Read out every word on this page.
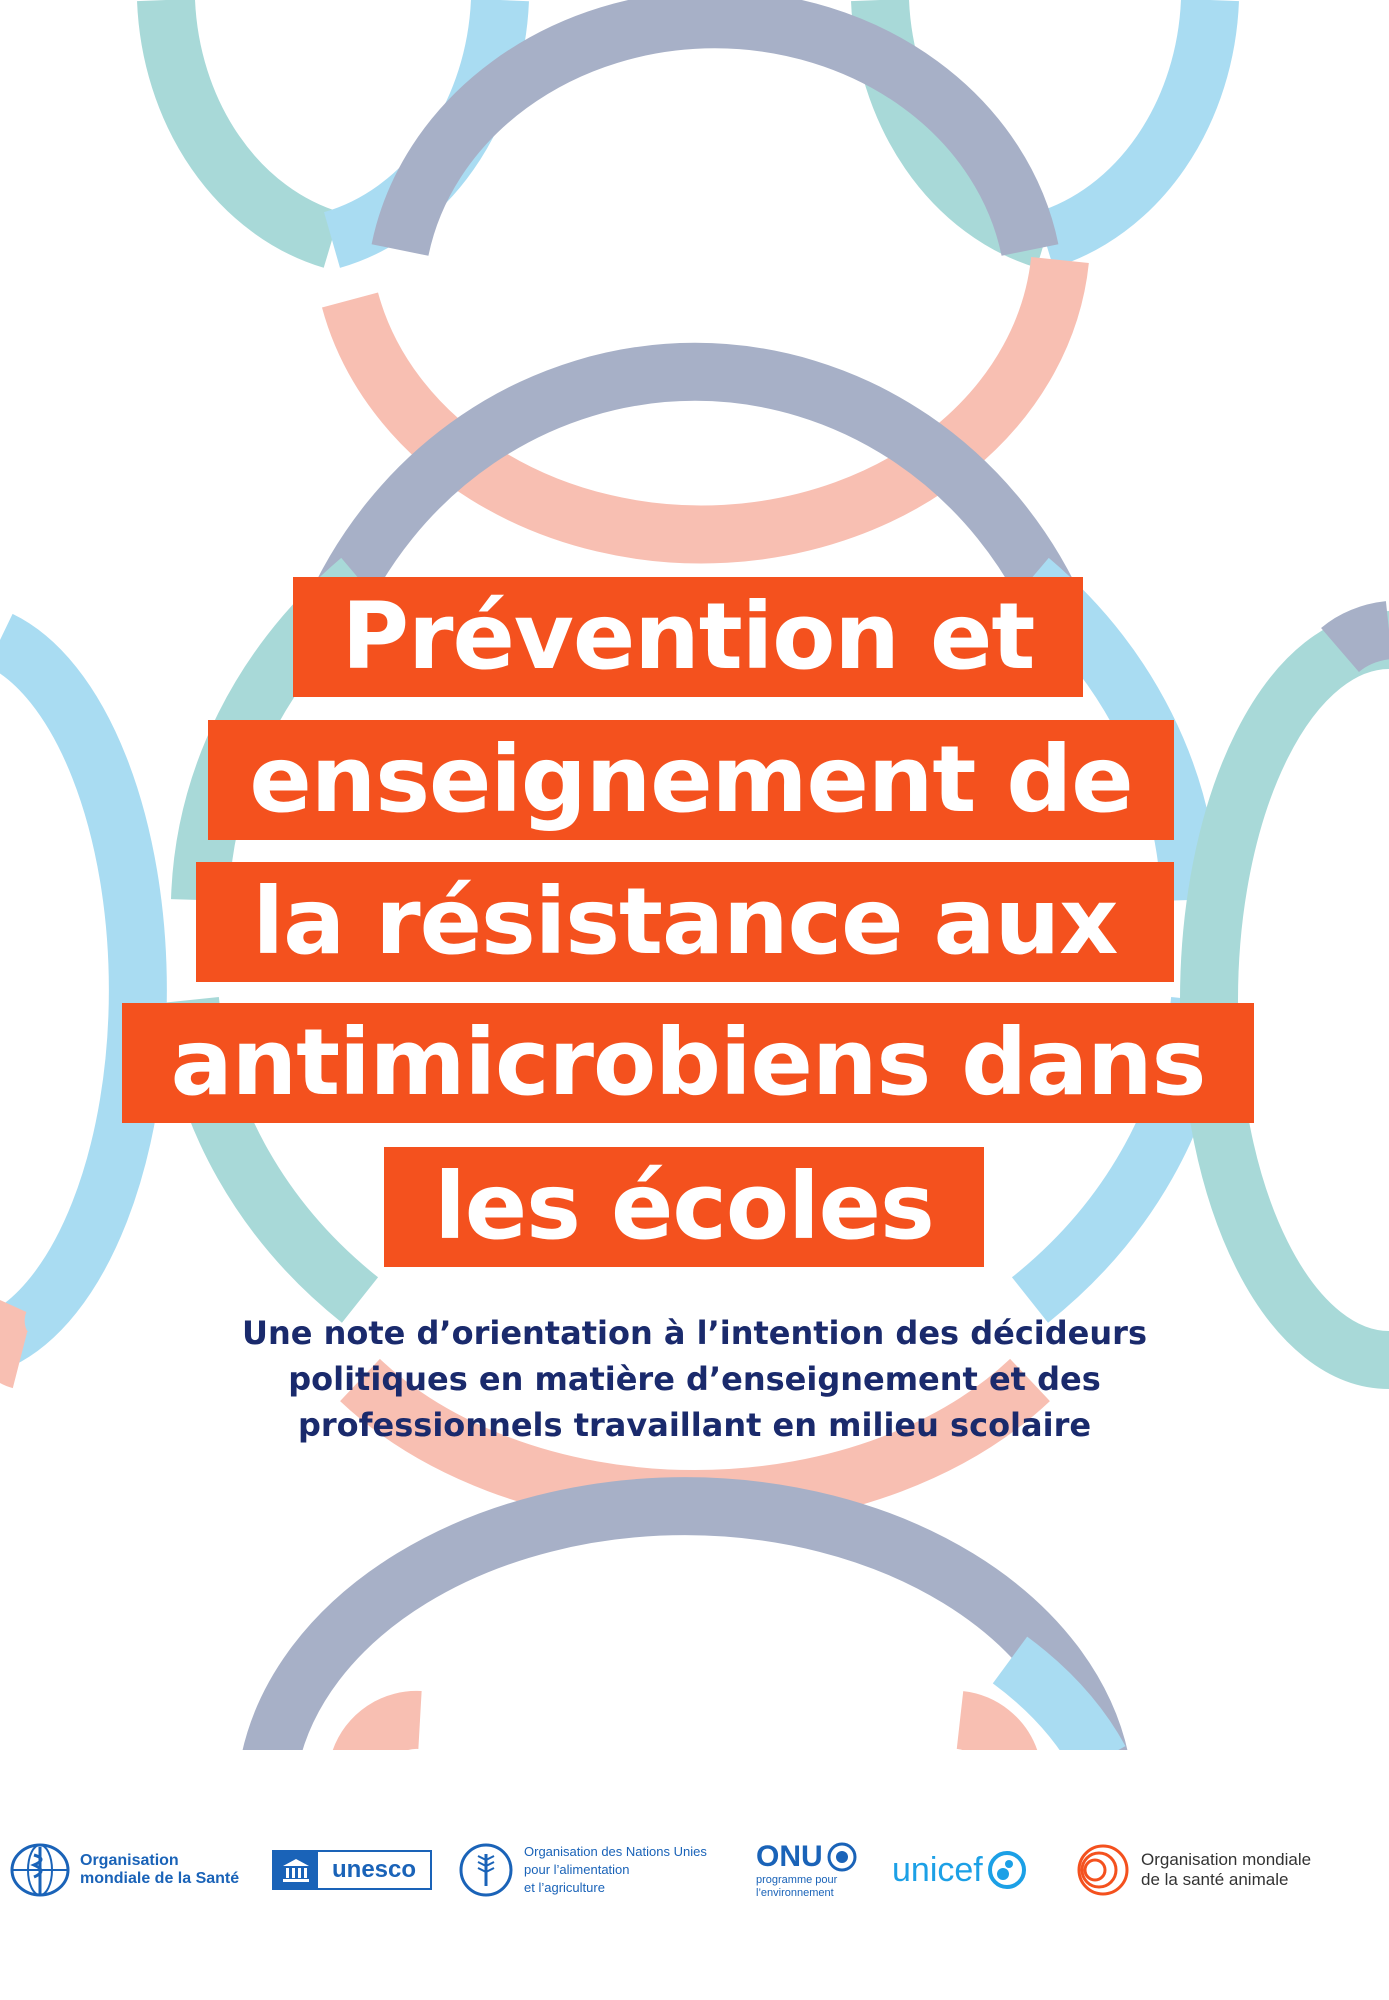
Prévention et
enseignement de
la résistance aux
antimicrobiens dans
les écoles
Une note d’orientation à l’intention des décideurs
politiques en matière d’enseignement et des
professionnels travaillant en milieu scolaire
Organisation
mondiale de la Santé	unesco
Organisation des Nations Unies
pour l’alimentation
et l’agriculture
ONU
programme pour
l’environnement
unicef	Organisation mondiale
de la santé animale
